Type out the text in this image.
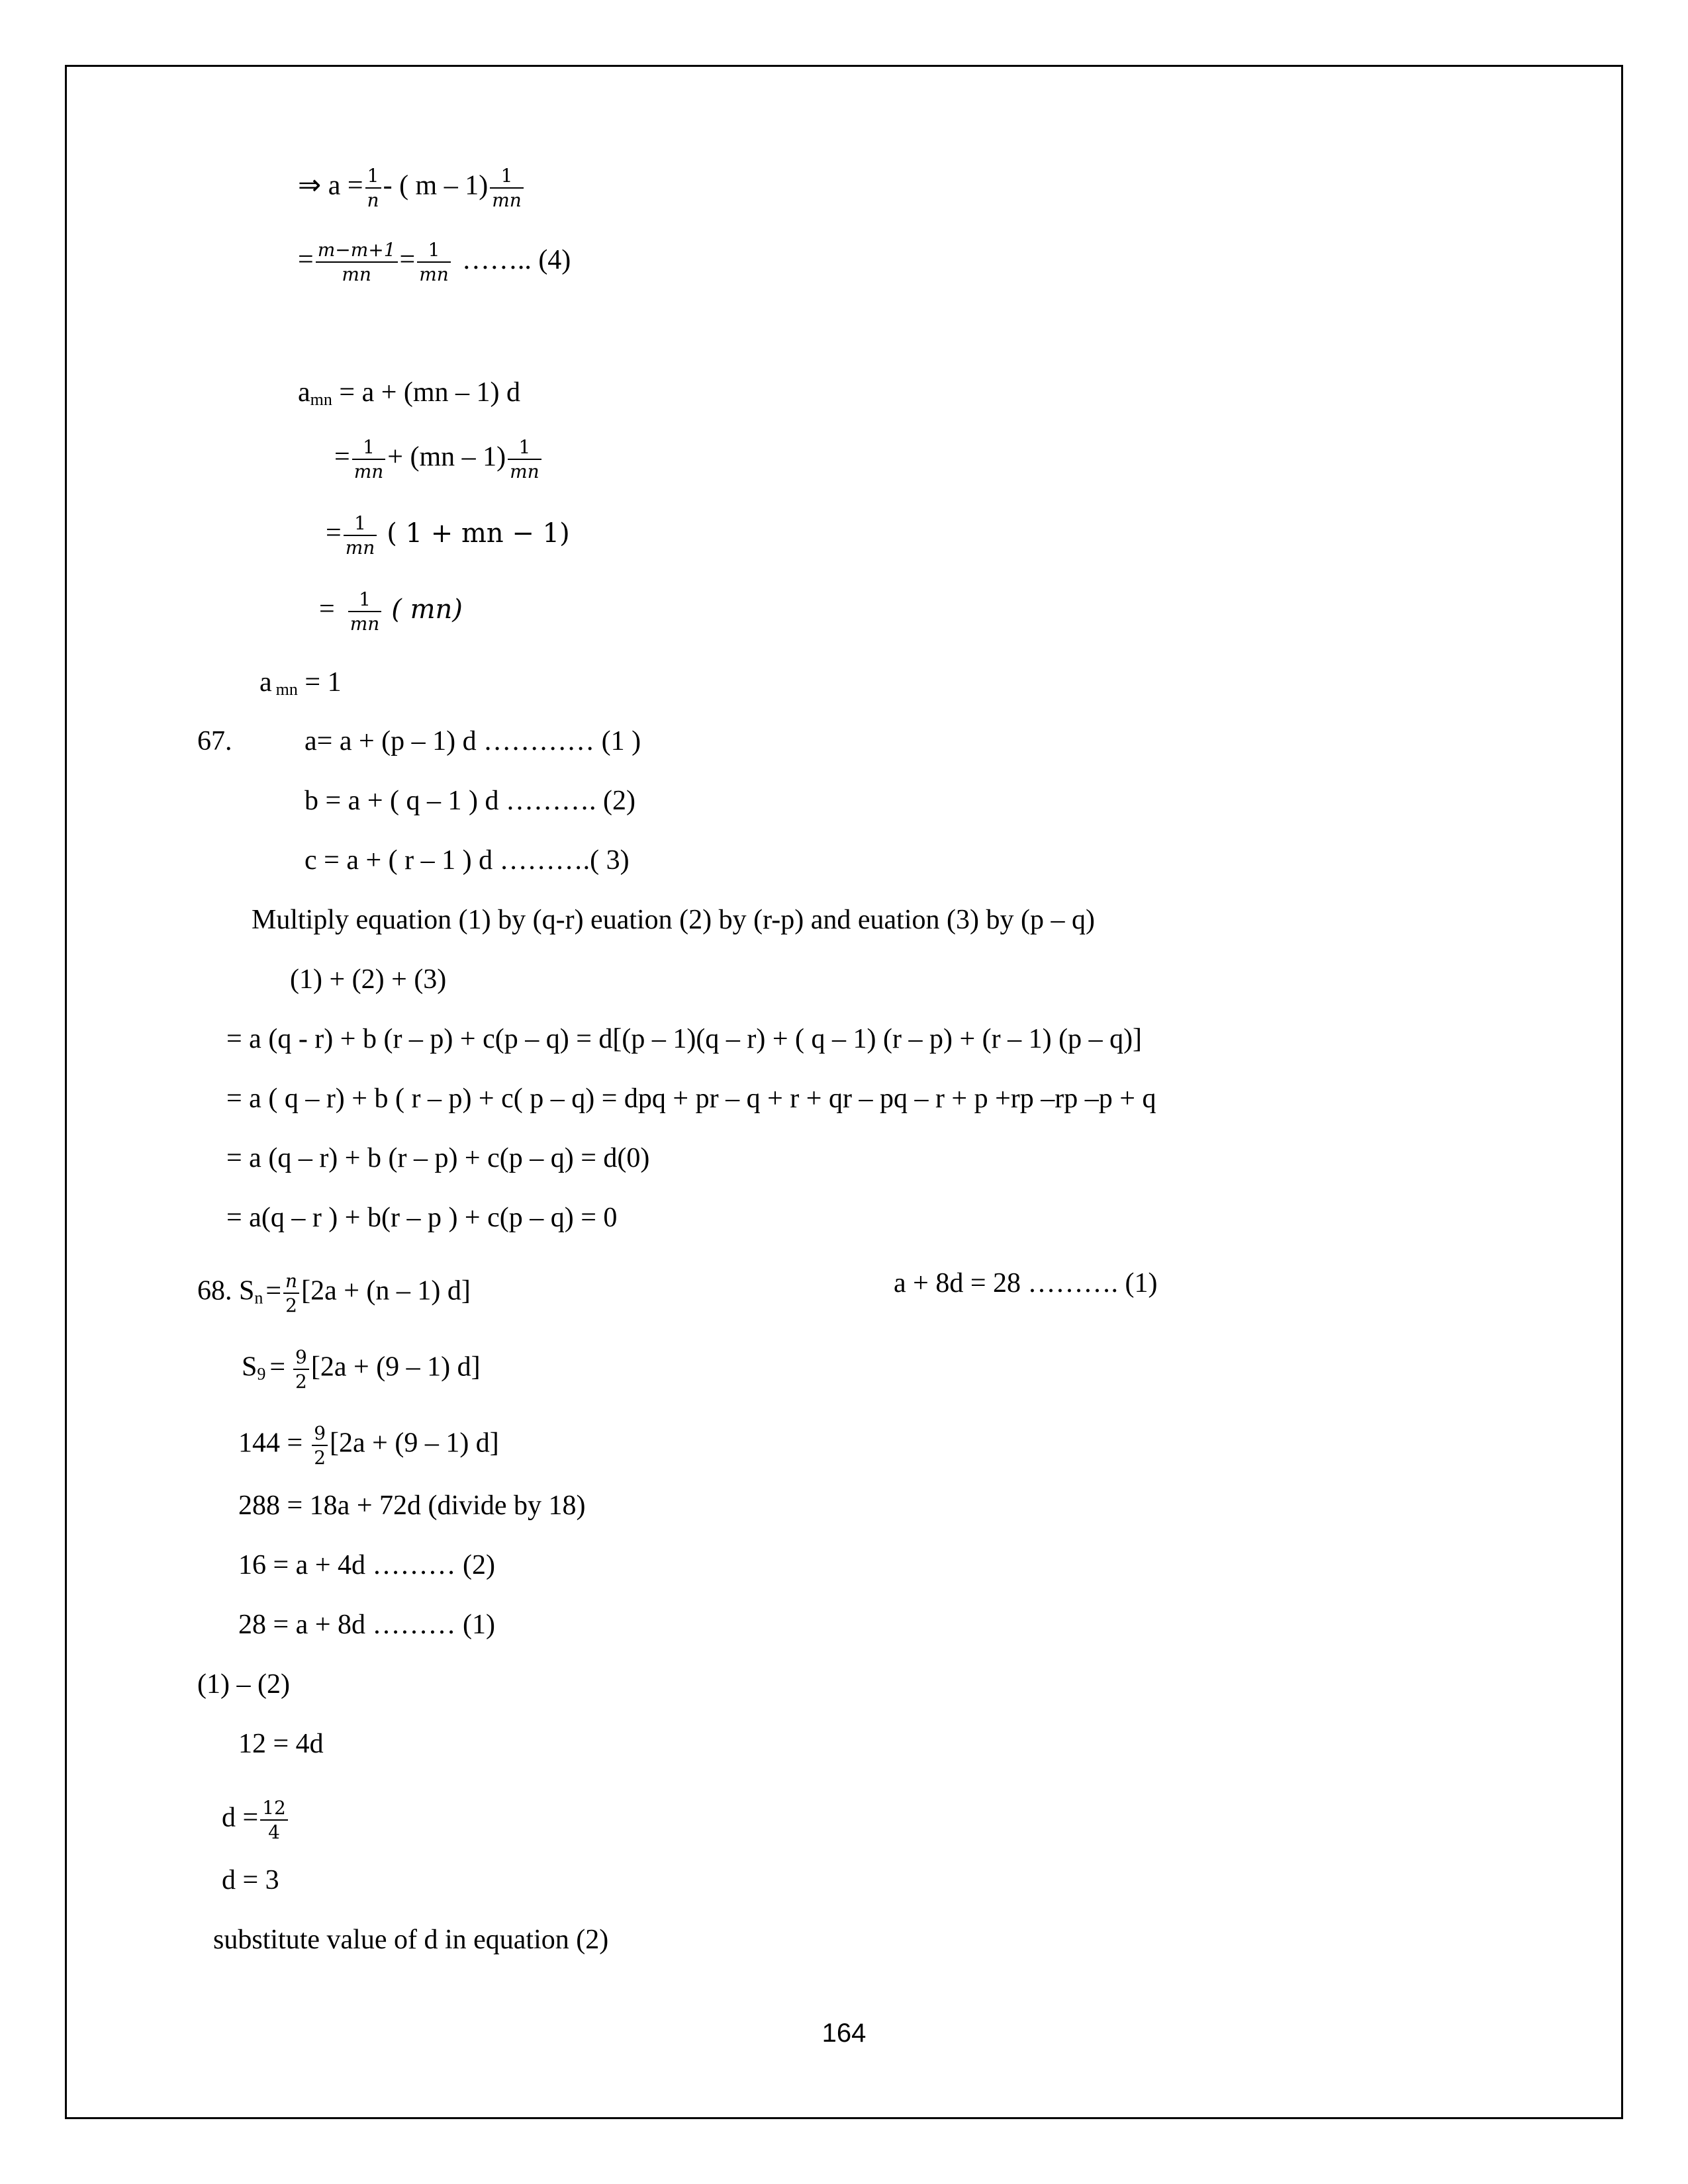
⇒ $a = \frac{1}{n}$ - ( m – $1) \frac{1}{mn}$
= $\frac{m-m+1}{mn} = \frac{1}{mn}$ …….. (4)
$a_{mn} = a + (mn - 1)$ d
= $\frac{1}{mn} + (mn - 1) \frac{1}{mn}$
= $\frac{1}{mn}$ ( 1 + mn − 1)
= $\frac{1}{mn}$ ( mn)
a $_{mn}$ = 1
67.	a= a + (p – 1) d ………… (1 )
b = a + ( q – 1 ) d ………. (2)
c = a + ( r – 1 ) d ……….( 3)
Multiply equation (1) by (q-r) euation (2) by (r-p) and euation (3) by (p – q)
(1) + (2) + (3)
= a (q - r) + b (r – p) + c(p – q) = d[(p – 1)(q – r) + ( q – 1) (r – p) + (r – 1) (p – q)]
= a ( q – r) + b ( r – p) + c( p – q) = dpq + pr – q + r + qr – pq – r + p +rp –rp –p + q
= a (q – r) + b (r – p) + c(p – q) = d(0)
= a(q – r ) + b(r – p ) + c(p – q) = 0
68. $S_n= \frac{n}{2} [2a + (n - 1)$ d]	a + 8d = 28 ………. (1)
$S_9 = \frac{9}{2} [2a + (9 - 1)$ d]
$144 = \frac{9}{2} [2a + (9 - 1)$ d]
288 = 18a + 72d (divide by 18)
16 = a + 4d ……… (2)
28 = a + 8d ……… (1)
(1) – (2)
12 = 4d
$d = \frac{12}{4}$
d = 3
substitute value of d in equation (2)
164
